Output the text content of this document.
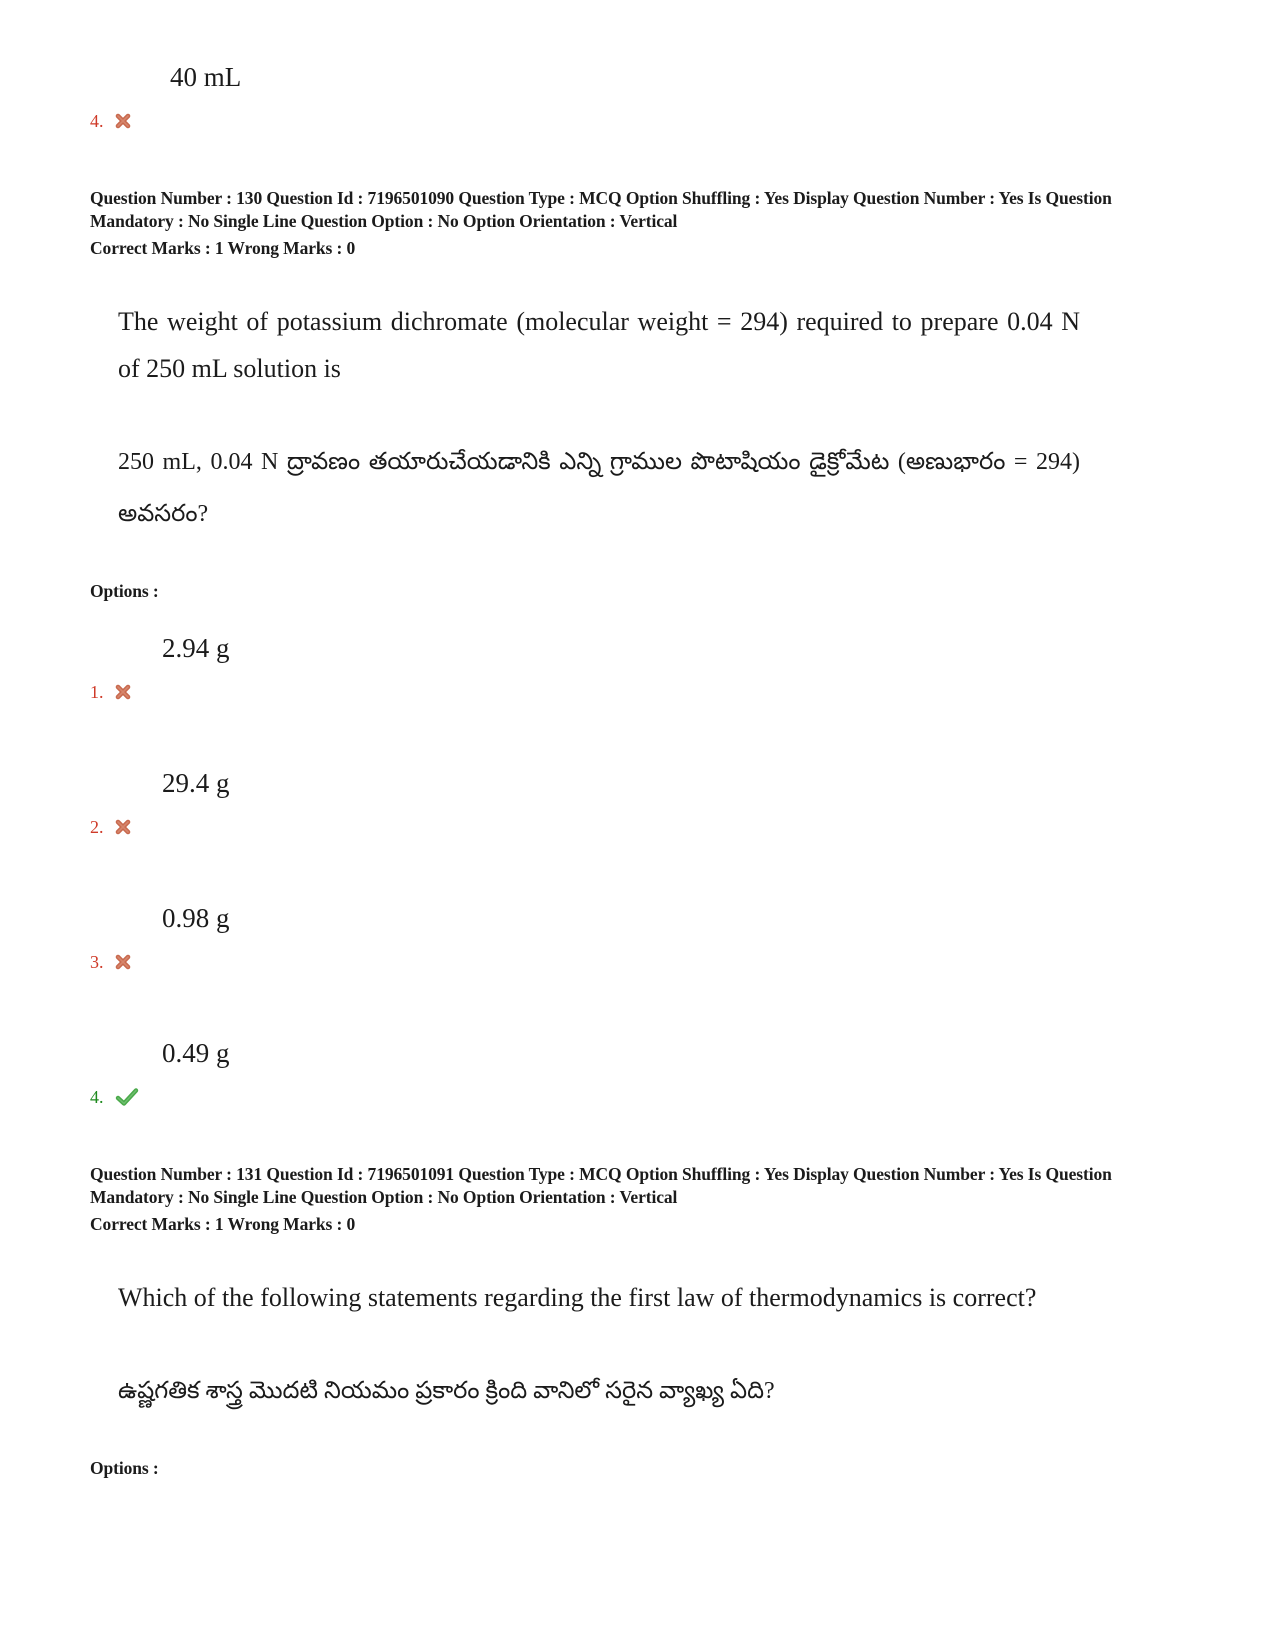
40 mL
4.

Question Number : 130 Question Id : 7196501090 Question Type : MCQ Option Shuffling : Yes Display Question Number : Yes Is Question Mandatory : No Single Line Question Option : No Option Orientation : Vertical

Correct Marks : 1 Wrong Marks : 0

The weight of potassium dichromate (molecular weight = 294) required to prepare 0.04 N of 250 mL solution is

250 mL, 0.04 N ద్రావణం తయారుచేయడానికి ఎన్ని గ్రాముల పొటాషియం డైక్రోమేట (అణుభారం = 294) అవసరం?

Options :

2.94 g
1.
29.4 g
2.
0.98 g
3.
0.49 g
4.

Question Number : 131 Question Id : 7196501091 Question Type : MCQ Option Shuffling : Yes Display Question Number : Yes Is Question Mandatory : No Single Line Question Option : No Option Orientation : Vertical

Correct Marks : 1 Wrong Marks : 0

Which of the following statements regarding the first law of thermodynamics is correct?

ఉష్ణగతిక శాస్త్ర మొదటి నియమం ప్రకారం క్రింది వానిలో సరైన వ్యాఖ్య ఏది?

Options :
